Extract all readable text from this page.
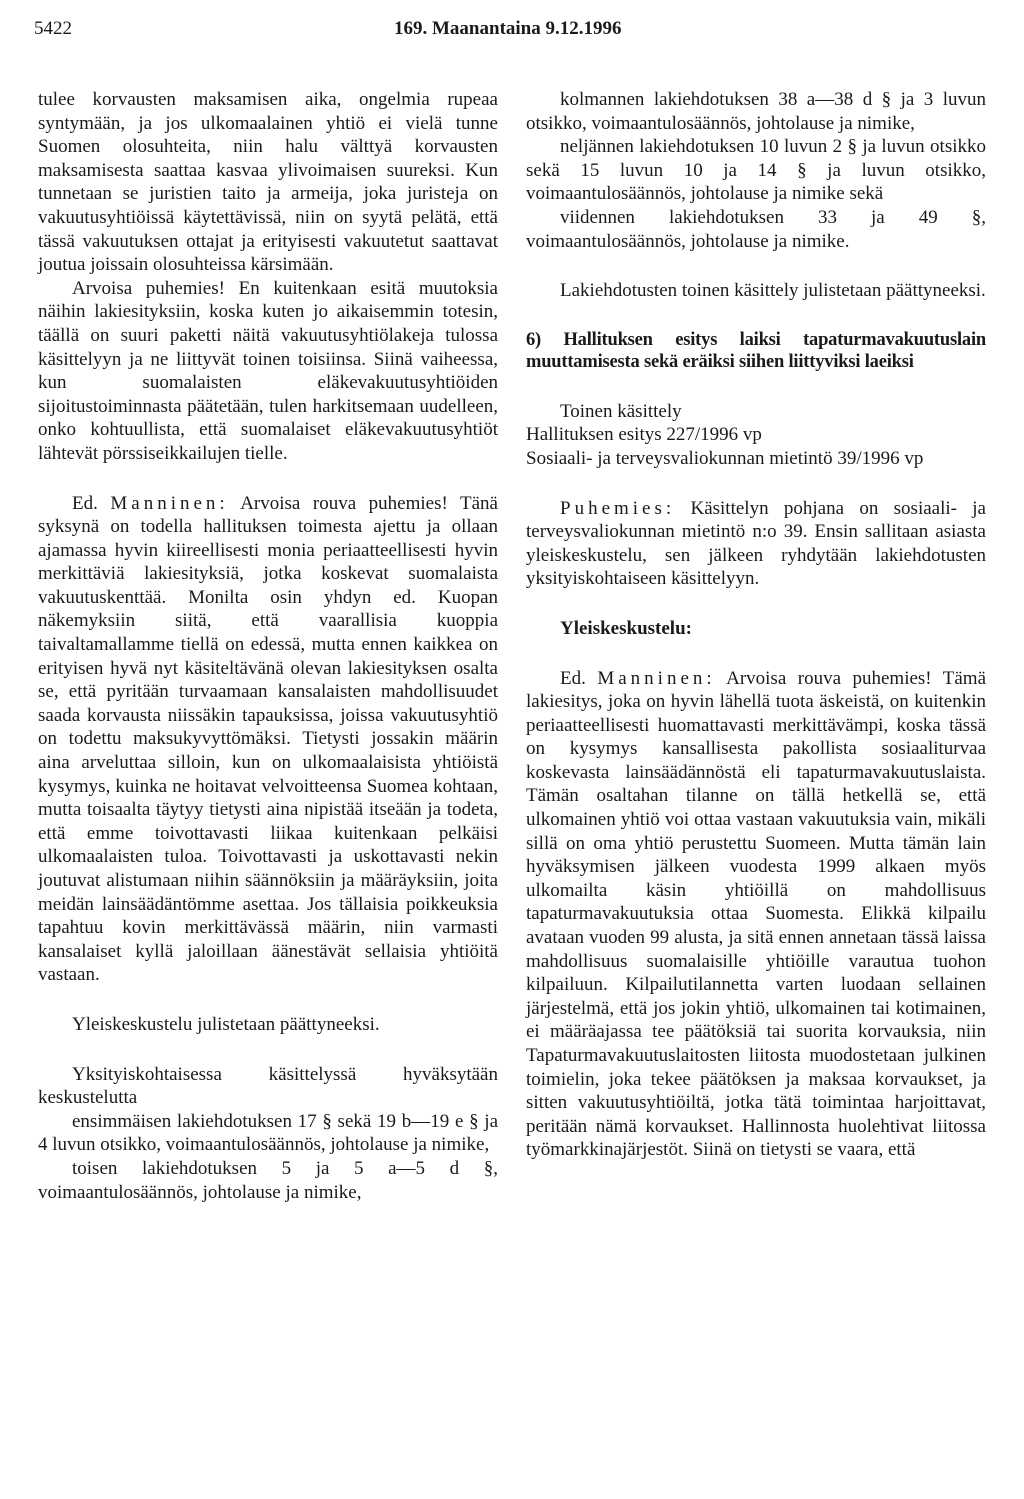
5422	169. Maanantaina 9.12.1996

tulee korvausten maksamisen aika, ongelmia rupeaa syntymään, ja jos ulkomaalainen yhtiö ei vielä tunne Suomen olosuhteita, niin halu välttyä korvausten maksamisesta saattaa kasvaa ylivoimaisen suureksi. Kun tunnetaan se juristien taito ja armeija, joka juristeja on vakuutusyhtiöissä käytettävissä, niin on syytä pelätä, että tässä vakuutuksen ottajat ja erityisesti vakuutetut saattavat joutua joissain olosuhteissa kärsimään.

Arvoisa puhemies! En kuitenkaan esitä muutoksia näihin lakiesityksiin, koska kuten jo aikaisemmin totesin, täällä on suuri paketti näitä vakuutusyhtiölakeja tulossa käsittelyyn ja ne liittyvät toinen toisiinsa. Siinä vaiheessa, kun suomalaisten eläkevakuutusyhtiöiden sijoitustoiminnasta päätetään, tulen harkitsemaan uudelleen, onko kohtuullista, että suomalaiset eläkevakuutusyhtiöt lähtevät pörssiseikkailujen tielle.

Ed. Manninen: Arvoisa rouva puhemies! Tänä syksynä on todella hallituksen toimesta ajettu ja ollaan ajamassa hyvin kiireellisesti monia periaatteellisesti hyvin merkittäviä lakiesityksiä, jotka koskevat suomalaista vakuutuskenttää. Monilta osin yhdyn ed. Kuopan näkemyksiin siitä, että vaarallisia kuoppia taivaltamallamme tiellä on edessä, mutta ennen kaikkea on erityisen hyvä nyt käsiteltävänä olevan lakiesityksen osalta se, että pyritään turvaamaan kansalaisten mahdollisuudet saada korvausta niissäkin tapauksissa, joissa vakuutusyhtiö on todettu maksukyvyttömäksi. Tietysti jossakin määrin aina arveluttaa silloin, kun on ulkomaalaisista yhtiöistä kysymys, kuinka ne hoitavat velvoitteensa Suomea kohtaan, mutta toisaalta täytyy tietysti aina nipistää itseään ja todeta, että emme toivottavasti liikaa kuitenkaan pelkäisi ulkomaalaisten tuloa. Toivottavasti ja uskottavasti nekin joutuvat alistumaan niihin säännöksiin ja määräyksiin, joita meidän lainsäädäntömme asettaa. Jos tällaisia poikkeuksia tapahtuu kovin merkittävässä määrin, niin varmasti kansalaiset kyllä jaloillaan äänestävät sellaisia yhtiöitä vastaan.

Yleiskeskustelu julistetaan päättyneeksi.

Yksityiskohtaisessa käsittelyssä hyväksytään keskustelutta

ensimmäisen lakiehdotuksen 17 § sekä 19 b—19 e § ja 4 luvun otsikko, voimaantulosäännös, johtolause ja nimike,

toisen lakiehdotuksen 5 ja 5 a—5 d §, voimaantulosäännös, johtolause ja nimike,

kolmannen lakiehdotuksen 38 a—38 d § ja 3 luvun otsikko, voimaantulosäännös, johtolause ja nimike,

neljännen lakiehdotuksen 10 luvun 2 § ja luvun otsikko sekä 15 luvun 10 ja 14 § ja luvun otsikko, voimaantulosäännös, johtolause ja nimike sekä

viidennen lakiehdotuksen 33 ja 49 §, voimaantulosäännös, johtolause ja nimike.

Lakiehdotusten toinen käsittely julistetaan päättyneeksi.

6) Hallituksen esitys laiksi tapaturmavakuutuslain muuttamisesta sekä eräiksi siihen liittyviksi laeiksi

Toinen käsittely

Hallituksen esitys 227/1996 vp

Sosiaali- ja terveysvaliokunnan mietintö 39/1996 vp

Puhemies: Käsittelyn pohjana on sosiaali- ja terveysvaliokunnan mietintö n:o 39. Ensin sallitaan asiasta yleiskeskustelu, sen jälkeen ryhdytään lakiehdotusten yksityiskohtaiseen käsittelyyn.

Yleiskeskustelu:

Ed. Manninen: Arvoisa rouva puhemies! Tämä lakiesitys, joka on hyvin lähellä tuota äskeistä, on kuitenkin periaatteellisesti huomattavasti merkittävämpi, koska tässä on kysymys kansallisesta pakollista sosiaaliturvaa koskevasta lainsäädännöstä eli tapaturmavakuutuslaista. Tämän osaltahan tilanne on tällä hetkellä se, että ulkomainen yhtiö voi ottaa vastaan vakuutuksia vain, mikäli sillä on oma yhtiö perustettu Suomeen. Mutta tämän lain hyväksymisen jälkeen vuodesta 1999 alkaen myös ulkomailta käsin yhtiöillä on mahdollisuus tapaturmavakuutuksia ottaa Suomesta. Elikkä kilpailu avataan vuoden 99 alusta, ja sitä ennen annetaan tässä laissa mahdollisuus suomalaisille yhtiöille varautua tuohon kilpailuun. Kilpailutilannetta varten luodaan sellainen järjestelmä, että jos jokin yhtiö, ulkomainen tai kotimainen, ei määräajassa tee päätöksiä tai suorita korvauksia, niin Tapaturmavakuutuslaitosten liitosta muodostetaan julkinen toimielin, joka tekee päätöksen ja maksaa korvaukset, ja sitten vakuutusyhtiöiltä, jotka tätä toimintaa harjoittavat, peritään nämä korvaukset. Hallinnosta huolehtivat liitossa työmarkkinajärjestöt. Siinä on tietysti se vaara, että
